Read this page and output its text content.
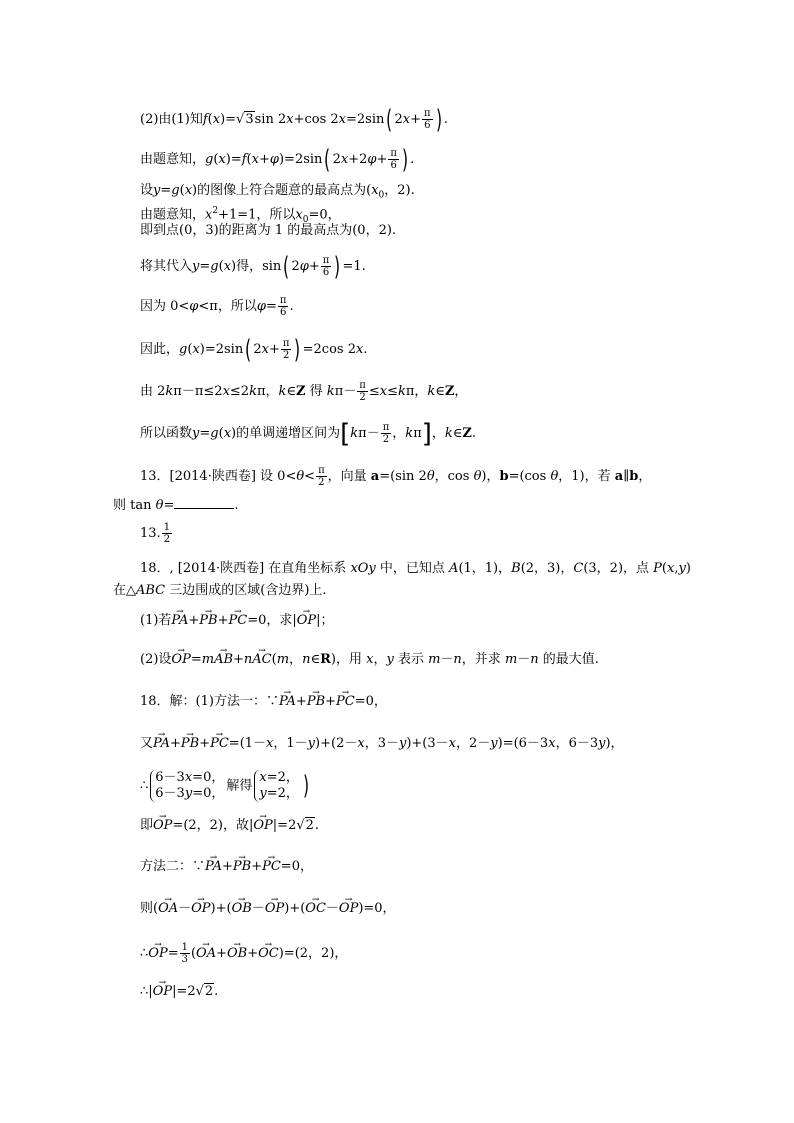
(2)由(1)知f(x)=√3sin 2x+cos 2x=2sin( $2x+ \frac{\pi}{6}$ ) .
由题意知，g(x)=f(x+φ)=2sin( $2x+2\varphi+ \frac{\pi}{6}$ ) .
设y=g(x)的图像上符合题意的最高点为($x_0$，2).
由题意知，$x^2+1=1$，所以$x_0=0$，
即到点(0，3)的距离为 1 的最高点为(0，2).
将其代入y=g(x)得，sin( $2\varphi+ \frac{\pi}{6}$ ) =1.
因为 0<φ<π，所以$\varphi= \frac{\pi}{6}$ .
因此，g(x)=2sin( $2x+ \frac{\pi}{2}$ ) =2cos 2x.
由 2kπ－π≤2x≤2kπ，k∈Z 得 $k\pi- \frac{\pi}{2} \le x\le k\pi$，k∈Z，
所以函数y=g(x)的单调递增区间为[$k\pi- \frac{\pi}{2}$ ，kπ]，k∈Z.
13．[2014·陕西卷] 设 $0<\theta< \frac{\pi}{2}$ ，向量 a=(sin 2θ，cos θ)，b=(cos θ，1)，若 a∥b，
则 tan θ=	.
13. $\frac{1}{2}$
18．, [2014·陕西卷] 在直角坐标系 xOy 中，已知点 A(1，1)，B(2，3)，C(3，2)，点 P(x,y)
在△ABC 三边围成的区域(含边界)上.
(1)若→ PA+→ PB+→ PC=0，求|→ OP|；
(2)设→ OP=m→ AB+n→ AC(m，n∈R)，用 x，y 表示 m－n，并求 m－n 的最大值.
18．解：(1)方法一：∵→ PA+→ PB+→ PC=0，
又→ PA+→ PB+→ PC=(1－x，1－y)+(2－x，3－y)+(3－x，2－y)=(6－3x，6－3y)，
∴6－3x=0，
6－3y=0， 解得x=2，
y=2， )
即→ OP=(2，2)，故|→ OP|=2√2.
方法二：∵→ PA+→ PB+→ PC=0，
则(→ OA－→ OP)+(→ OB－→ OP)+(→ OC－→ OP)=0，
∴→ $OP= \frac{1}{3}$ (→ OA+→ OB+→ OC)=(2，2)，
∴|→ OP|=2√2.
